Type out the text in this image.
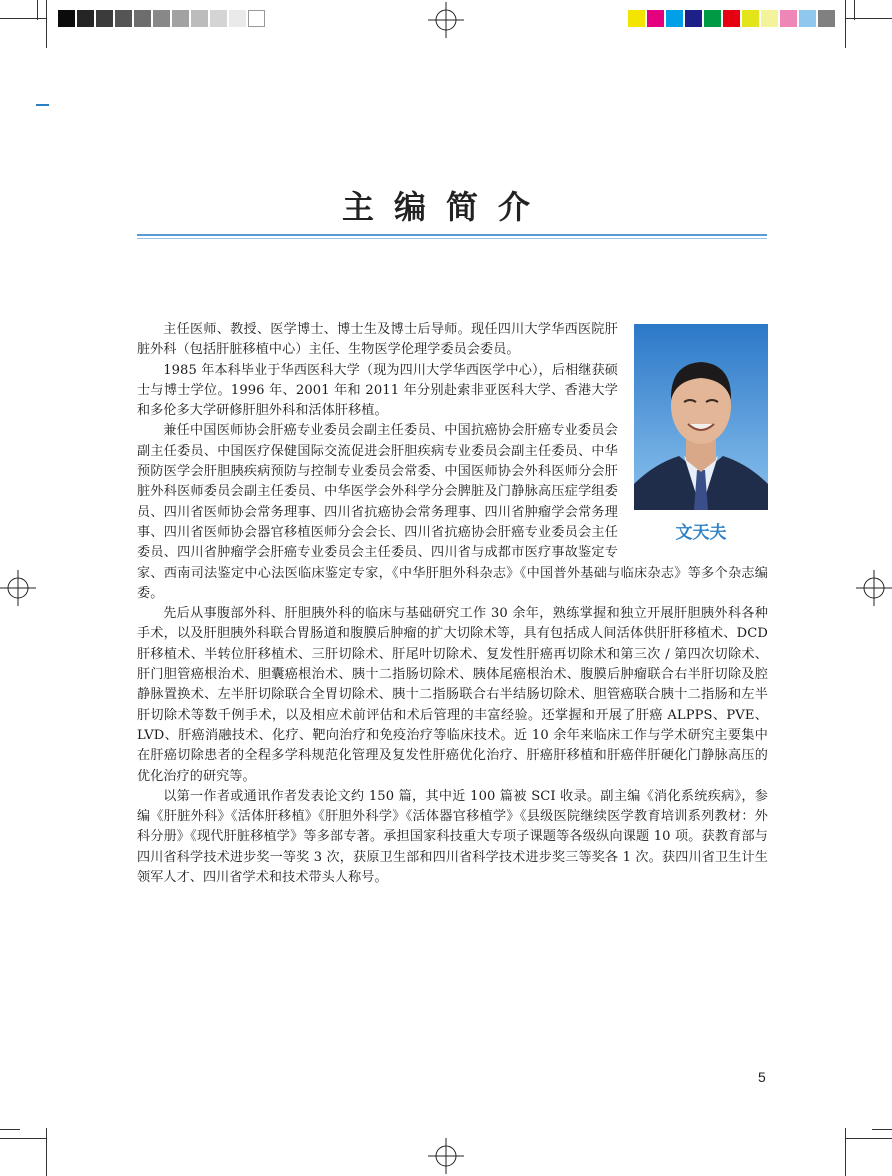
主编简介
文天夫

主任医师、教授、医学博士、博士生及博士后导师。现任四川大学华西医院肝脏外科（包括肝脏移植中心）主任、生物医学伦理学委员会委员。

1985 年本科毕业于华西医科大学（现为四川大学华西医学中心），后相继获硕士与博士学位。1996 年、2001 年和 2011 年分别赴索非亚医科大学、香港大学和多伦多大学研修肝胆外科和活体肝移植。

兼任中国医师协会肝癌专业委员会副主任委员、中国抗癌协会肝癌专业委员会副主任委员、中国医疗保健国际交流促进会肝胆疾病专业委员会副主任委员、中华预防医学会肝胆胰疾病预防与控制专业委员会常委、中国医师协会外科医师分会肝脏外科医师委员会副主任委员、中华医学会外科学分会脾脏及门静脉高压症学组委员、四川省医师协会常务理事、四川省抗癌协会常务理事、四川省肿瘤学会常务理事、四川省医师协会器官移植医师分会会长、四川省抗癌协会肝癌专业委员会主任委员、四川省肿瘤学会肝癌专业委员会主任委员、四川省与成都市医疗事故鉴定专家、西南司法鉴定中心法医临床鉴定专家，《中华肝胆外科杂志》《中国普外基础与临床杂志》等多个杂志编委。

先后从事腹部外科、肝胆胰外科的临床与基础研究工作 30 余年，熟练掌握和独立开展肝胆胰外科各种手术，以及肝胆胰外科联合胃肠道和腹膜后肿瘤的扩大切除术等，具有包括成人间活体供肝肝移植术、DCD 肝移植术、半转位肝移植术、三肝切除术、肝尾叶切除术、复发性肝癌再切除术和第三次 / 第四次切除术、肝门胆管癌根治术、胆囊癌根治术、胰十二指肠切除术、胰体尾癌根治术、腹膜后肿瘤联合右半肝切除及腔静脉置换术、左半肝切除联合全胃切除术、胰十二指肠联合右半结肠切除术、胆管癌联合胰十二指肠和左半肝切除术等数千例手术，以及相应术前评估和术后管理的丰富经验。还掌握和开展了肝癌 ALPPS、PVE、LVD、肝癌消融技术、化疗、靶向治疗和免疫治疗等临床技术。近 10 余年来临床工作与学术研究主要集中在肝癌切除患者的全程多学科规范化管理及复发性肝癌优化治疗、肝癌肝移植和肝癌伴肝硬化门静脉高压的优化治疗的研究等。

以第一作者或通讯作者发表论文约 150 篇，其中近 100 篇被 SCI 收录。副主编《消化系统疾病》，参编《肝脏外科》《活体肝移植》《肝胆外科学》《活体器官移植学》《县级医院继续医学教育培训系列教材：外科分册》《现代肝脏移植学》等多部专著。承担国家科技重大专项子课题等各级纵向课题 10 项。获教育部与四川省科学技术进步奖一等奖 3 次，获原卫生部和四川省科学技术进步奖三等奖各 1 次。获四川省卫生计生领军人才、四川省学术和技术带头人称号。

5
